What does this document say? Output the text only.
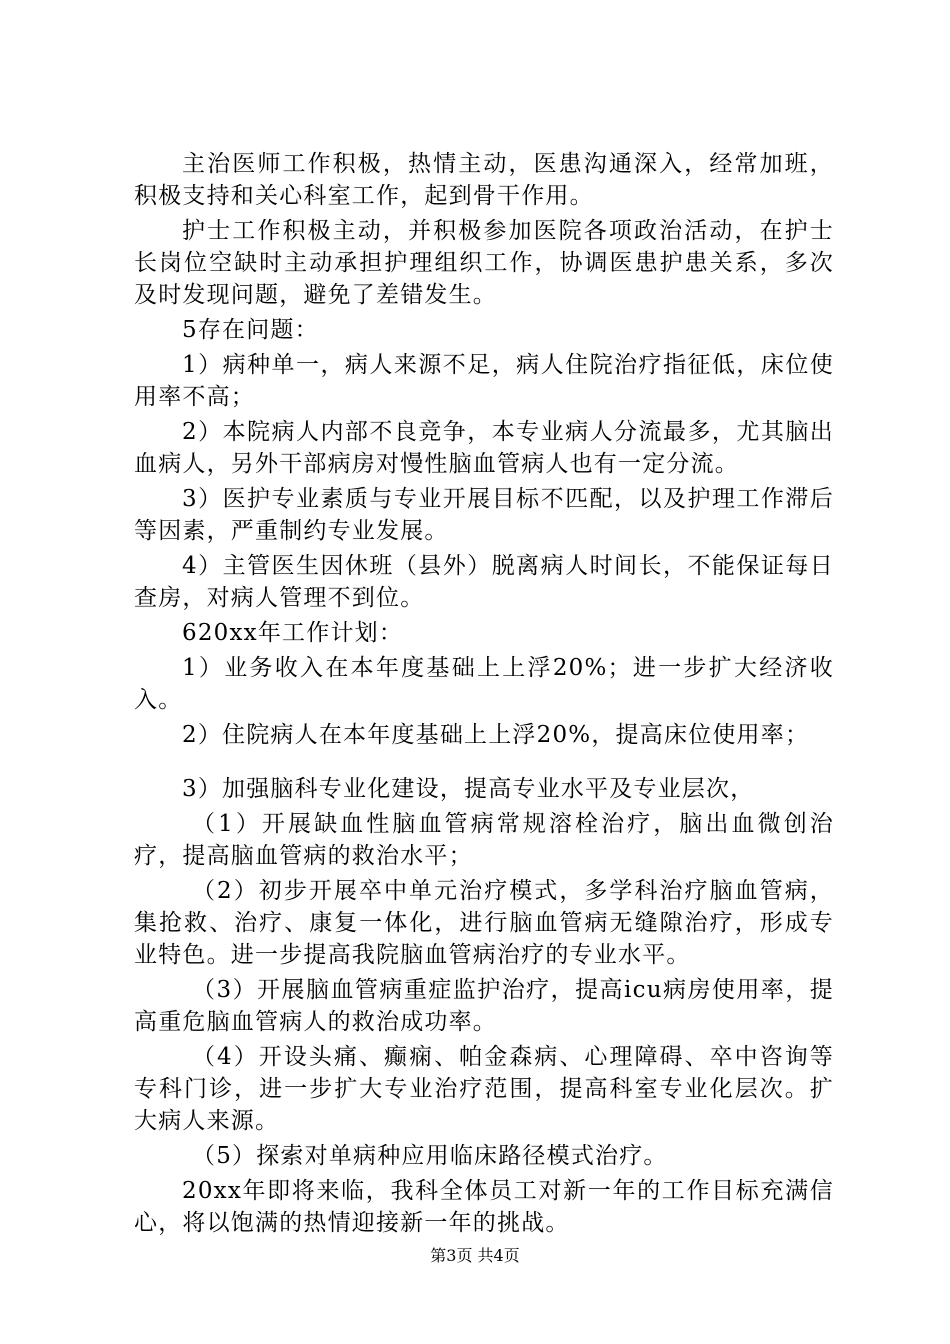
主治医师工作积极，热情主动，医患沟通深入，经常加班，积极支持和关心科室工作，起到骨干作用。

护士工作积极主动，并积极参加医院各项政治活动，在护士长岗位空缺时主动承担护理组织工作，协调医患护患关系，多次及时发现问题，避免了差错发生。

5存在问题：

1）病种单一，病人来源不足，病人住院治疗指征低，床位使用率不高；

2）本院病人内部不良竞争，本专业病人分流最多，尤其脑出血病人，另外干部病房对慢性脑血管病人也有一定分流。

3）医护专业素质与专业开展目标不匹配，以及护理工作滞后等因素，严重制约专业发展。

4）主管医生因休班（县外）脱离病人时间长，不能保证每日查房，对病人管理不到位。

620xx年工作计划：

1）业务收入在本年度基础上上浮20%；进一步扩大经济收入。

2）住院病人在本年度基础上上浮20%，提高床位使用率；

3）加强脑科专业化建设，提高专业水平及专业层次，

（1）开展缺血性脑血管病常规溶栓治疗，脑出血微创治疗，提高脑血管病的救治水平；

（2）初步开展卒中单元治疗模式，多学科治疗脑血管病，集抢救、治疗、康复一体化，进行脑血管病无缝隙治疗，形成专业特色。进一步提高我院脑血管病治疗的专业水平。

（3）开展脑血管病重症监护治疗，提高icu病房使用率，提高重危脑血管病人的救治成功率。

（4）开设头痛、癫痫、帕金森病、心理障碍、卒中咨询等专科门诊，进一步扩大专业治疗范围，提高科室专业化层次。扩大病人来源。

（5）探索对单病种应用临床路径模式治疗。

20xx年即将来临，我科全体员工对新一年的工作目标充满信心，将以饱满的热情迎接新一年的挑战。

第3页 共4页
